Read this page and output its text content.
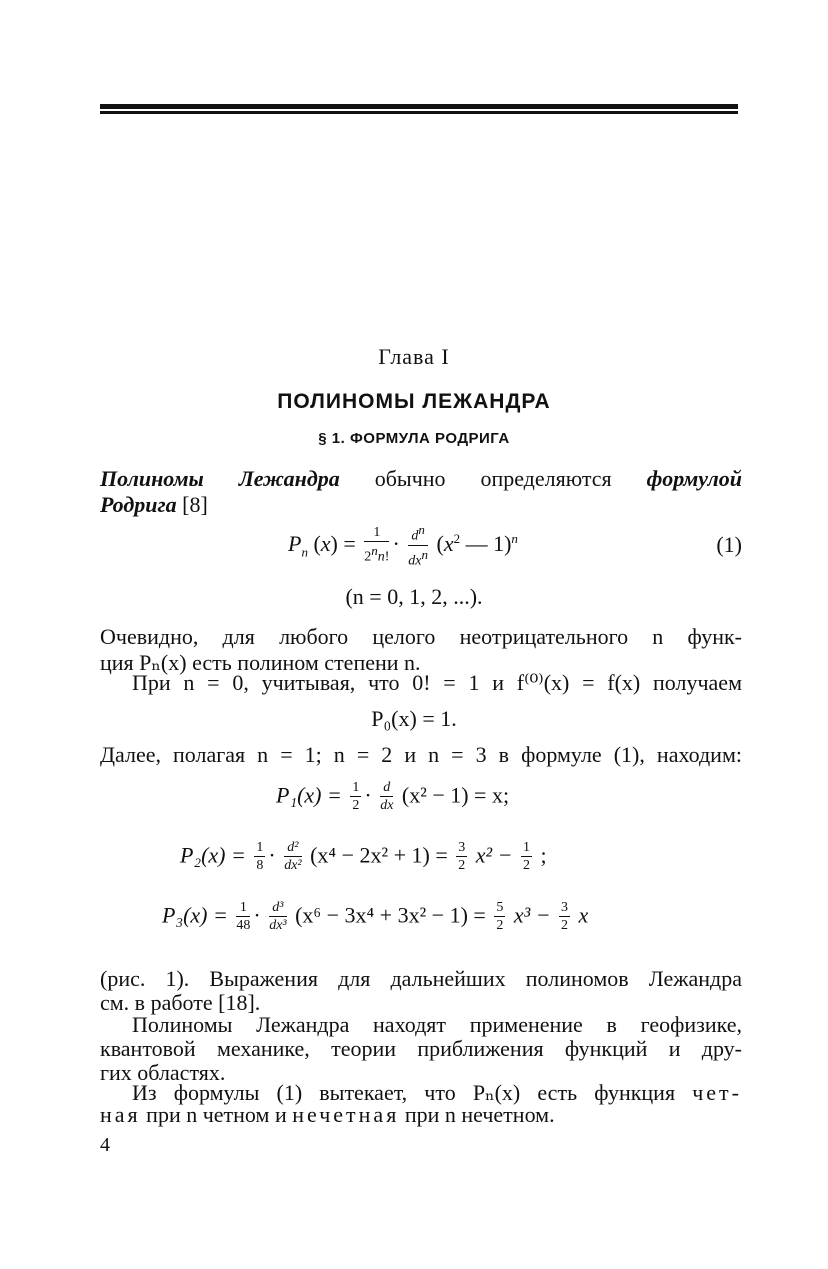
Глава I
ПОЛИНОМЫ ЛЕЖАНДРА
§ 1. ФОРМУЛА РОДРИГА
Полиномы Лежандра обычно определяются формулой
Родрига [8]
$P_n$ $(x) = \frac{1}{2^nn!} \cdot \frac{d^n}{dx^n} (x^2$ — 1)$^n$	(1)
(n = 0, 1, 2, ...).
Очевидно, для любого целого неотрицательного n функ-
ция Pₙ(x) есть полином степени n.
При n = 0, учитывая, что 0! = 1 и f⁽⁰⁾(x) = f(x) получаем
P₀(x) = 1.
Далее, полагая n = 1; n = 2 и n = 3 в формуле (1), находим:
$P_1(x) = \frac{1}{2} \cdot \frac{d}{dx} (x^2 - 1) = x$;
$P_2(x) = \frac{1}{8} \cdot \frac{\text{d²}}{\text{dx²}} (x^4 - 2x^2 + 1) = \frac{3}{2} x^2 - \frac{1}{2}$ ;
$P_3(x) = \frac{1}{48} \cdot \frac{\text{d³}}{\text{dx³}} (x^6 - 3x^4 + 3x^2 - 1) = \frac{5}{2} x^3 - \frac{3}{2}$ x
(рис. 1). Выражения для дальнейших полиномов Лежандра
см. в работе [18].
Полиномы Лежандра находят применение в геофизике,
квантовой механике, теории приближения функций и дру-
гих областях.
Из формулы (1) вытекает, что Pₙ(x) есть функция чет-
ная при n четном и нечетная при n нечетном.
4
